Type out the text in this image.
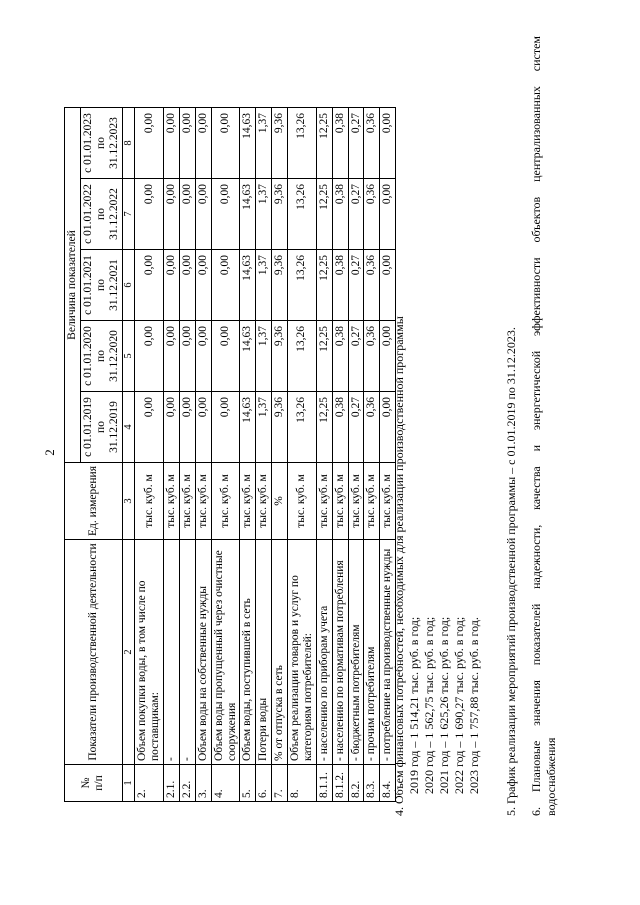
2
№
п/п	Показатели производственной деятельности	Ед. измерения	Величина показателей				
			с 01.01.2019 по 31.12.2019	с 01.01.2020 по 31.12.2020	с 01.01.2021 по 31.12.2021	с 01.01.2022 по 31.12.2022	с 01.01.2023 по 31.12.2023
1	2	3	4	5	6	7	8
2.	Объем покупки воды, в том числе по поставщикам:	тыс. куб. м	0,00	0,00	0,00	0,00	0,00
2.1.	-	тыс. куб. м	0,00	0,00	0,00	0,00	0,00
2.2.	-	тыс. куб. м	0,00	0,00	0,00	0,00	0,00
3.	Объем воды на собственные нужды	тыс. куб. м	0,00	0,00	0,00	0,00	0,00
4.	Объем воды пропущенный через очистные сооружения	тыс. куб. м	0,00	0,00	0,00	0,00	0,00
5.	Объем воды, поступившей в сеть	тыс. куб. м	14,63	14,63	14,63	14,63	14,63
6.	Потери воды	тыс. куб. м	1,37	1,37	1,37	1,37	1,37
7.	% от отпуска в сеть	%	9,36	9,36	9,36	9,36	9,36
8.	Объем реализации товаров и услуг по категориям потребителей:	тыс. куб. м	13,26	13,26	13,26	13,26	13,26
8.1.1.	- населению по приборам учета	тыс. куб. м	12,25	12,25	12,25	12,25	12,25
8.1.2.	- населению по нормативам потребления	тыс. куб. м	0,38	0,38	0,38	0,38	0,38
8.2.	- бюджетным потребителям	тыс. куб. м	0,27	0,27	0,27	0,27	0,27
8.3.	- прочим потребителям	тыс. куб. м	0,36	0,36	0,36	0,36	0,36
8.4.	- потребление на производственные нужды	тыс. куб. м	0,00	0,00	0,00	0,00	0,00

4. Объем финансовых потребностей, необходимых для реализации производственной программы 2019 год – 1 514,21 тыс. руб. в год; 2020 год – 1 562,75 тыс. руб. в год; 2021 год – 1 625,26 тыс. руб. в год; 2022 год – 1 690,27 тыс. руб. в год; 2023 год – 1 757,88 тыс. руб. в год. 5. График реализации мероприятий производственной программы – с 01.01.2019 по 31.12.2023. 6. Плановые значения показателей надежности, качества и энергетической эффективности объектов централизованных систем водоснабжения
